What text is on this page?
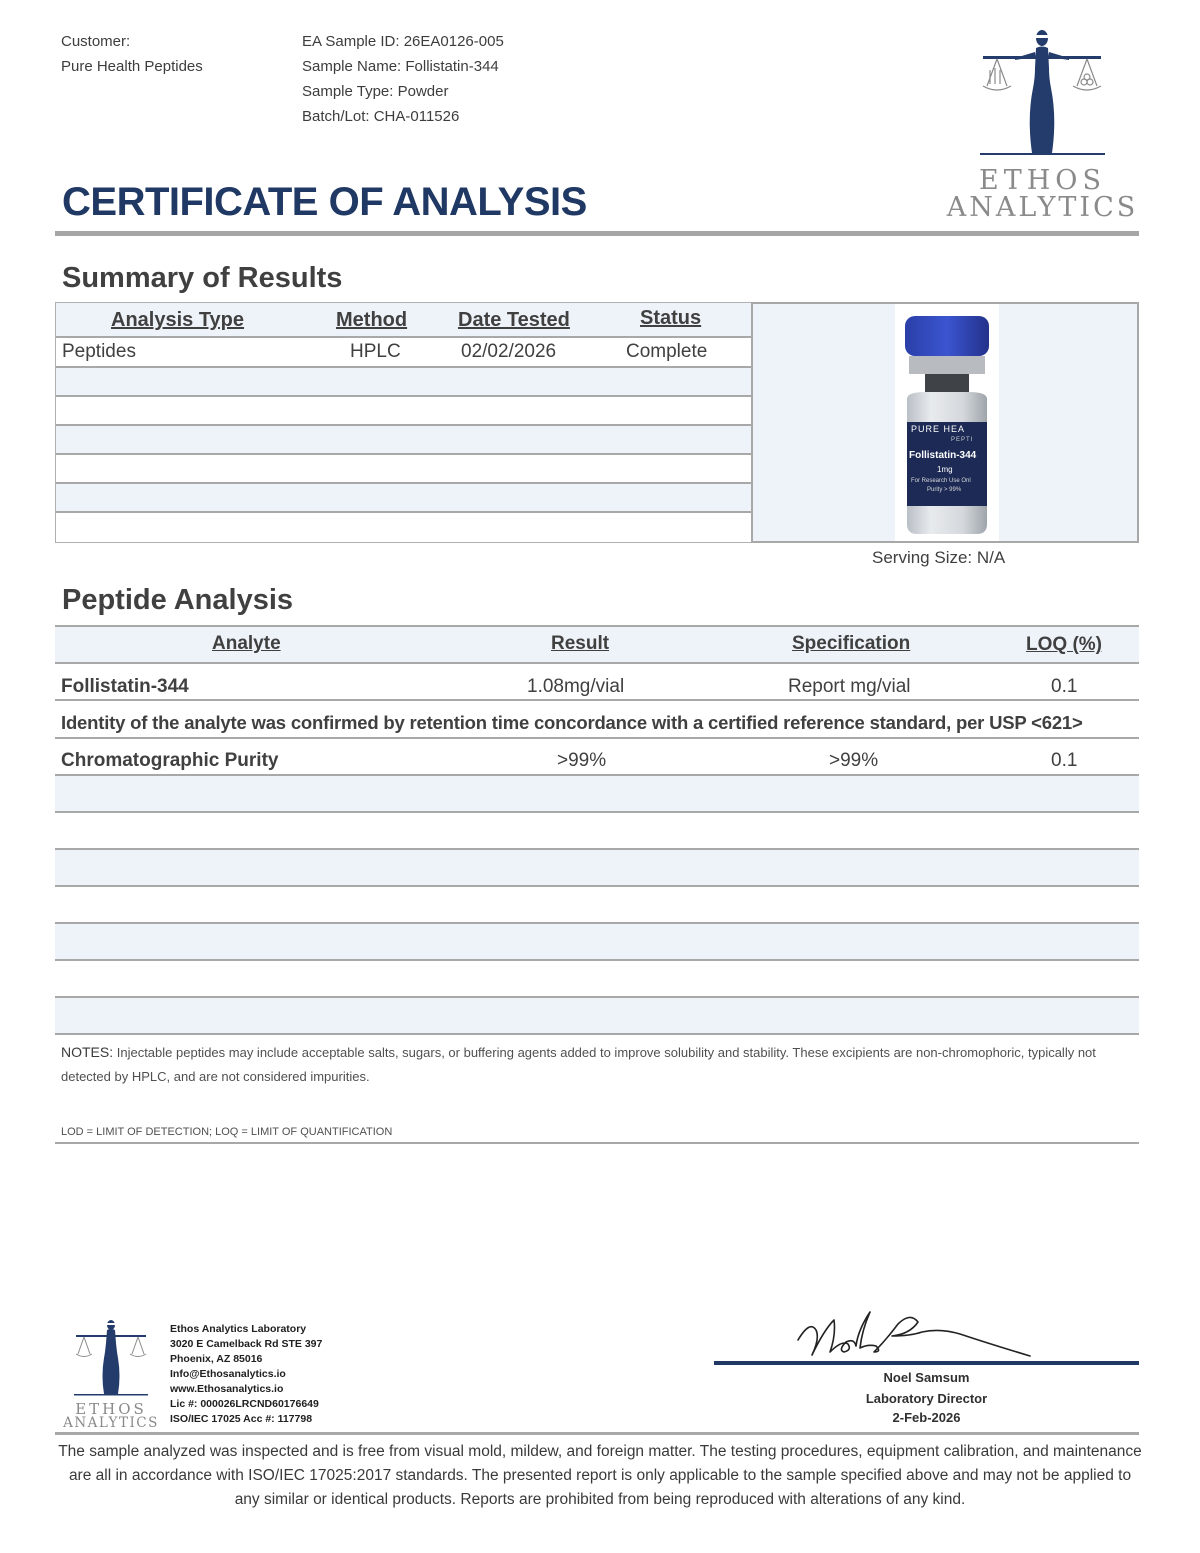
Customer:
Pure Health Peptides
EA Sample ID: 26EA0126-005
Sample Name: Follistatin-344
Sample Type: Powder
Batch/Lot: CHA-011526
ETHOS
ANALYTICS
CERTIFICATE OF ANALYSIS
Summary of Results
Analysis Type	Method	Date Tested	Status
Peptides	HPLC	02/02/2026	Complete
PURE HEA
PEPTI
Follistatin-344
1mg
For Research Use Onl
Purity > 99%
Serving Size: N/A
Peptide Analysis
Analyte	Result	Specification	LOQ (%)
Follistatin-344	1.08mg/vial	Report mg/vial	0.1
Identity of the analyte was confirmed by retention time concordance with a certified reference standard, per USP <621>
Chromatographic Purity	>99%	>99%	0.1
NOTES: Injectable peptides may include acceptable salts, sugars, or buffering agents added to improve solubility and stability. These excipients are non-chromophoric, typically not detected by HPLC, and are not considered impurities.
LOD = LIMIT OF DETECTION; LOQ = LIMIT OF QUANTIFICATION
ETHOS
ANALYTICS
Ethos Analytics Laboratory
3020 E Camelback Rd STE 397
Phoenix, AZ 85016
Info@Ethosanalytics.io
www.Ethosanalytics.io
Lic #: 000026LRCND60176649
ISO/IEC 17025 Acc #: 117798
Noel Samsum
Laboratory Director
2-Feb-2026
The sample analyzed was inspected and is free from visual mold, mildew, and foreign matter. The testing procedures, equipment calibration, and maintenance are all in accordance with ISO/IEC 17025:2017 standards. The presented report is only applicable to the sample specified above and may not be applied to any similar or identical products. Reports are prohibited from being reproduced with alterations of any kind.
